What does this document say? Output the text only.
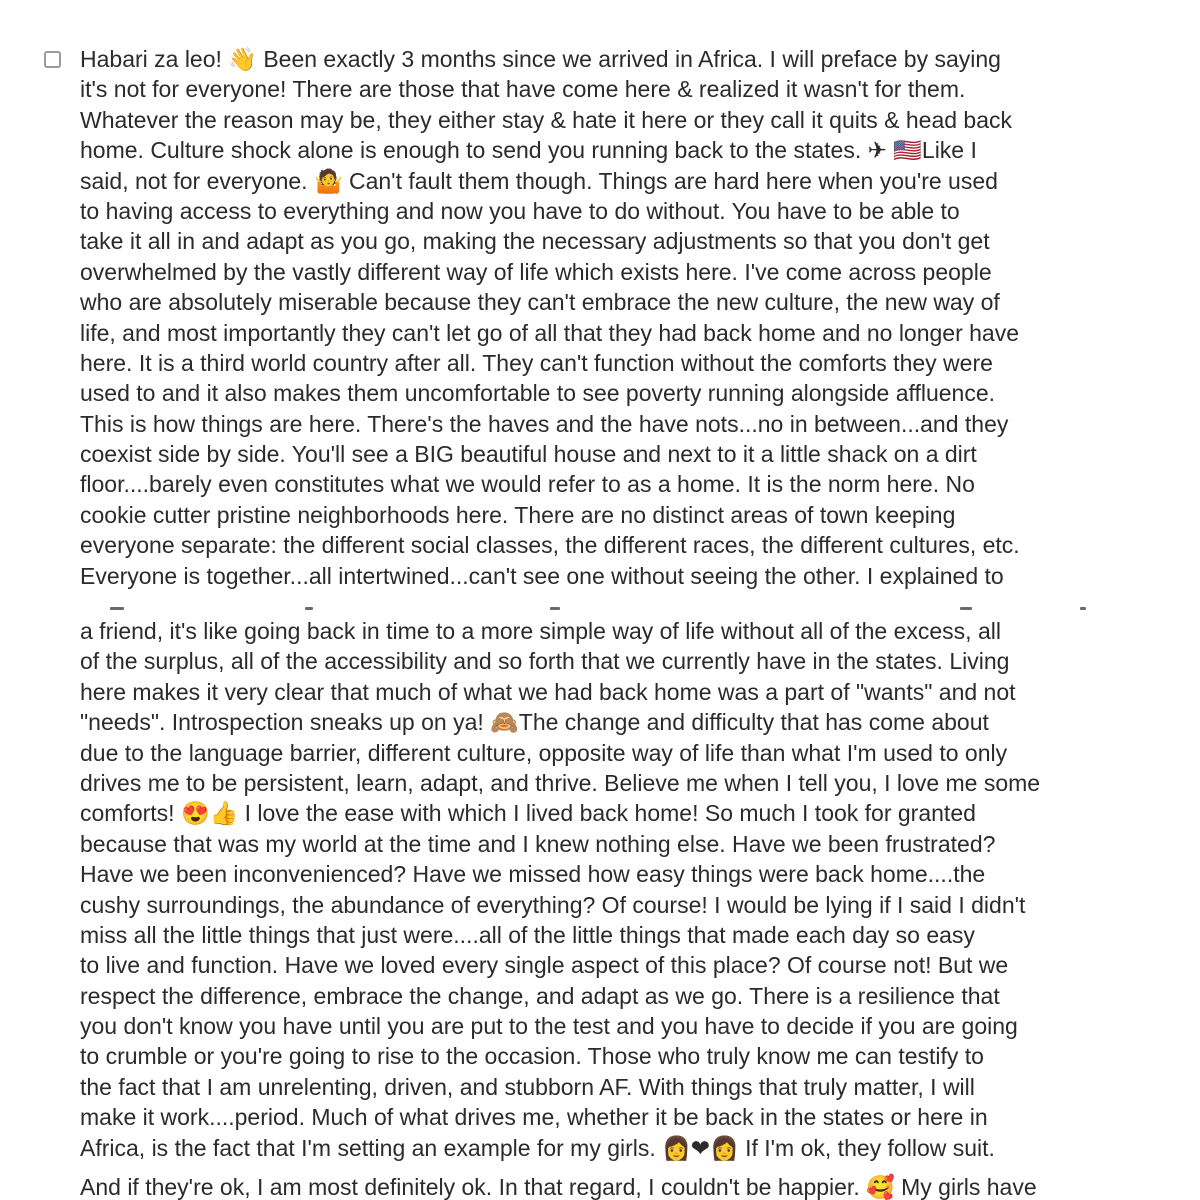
Habari za leo! 👋 Been exactly 3 months since we arrived in Africa. I will preface by saying
it's not for everyone! There are those that have come here & realized it wasn't for them.
Whatever the reason may be, they either stay & hate it here or they call it quits & head back
home. Culture shock alone is enough to send you running back to the states. ✈ 🇺🇸Like I
said, not for everyone. 🤷 Can't fault them though. Things are hard here when you're used
to having access to everything and now you have to do without. You have to be able to
take it all in and adapt as you go, making the necessary adjustments so that you don't get
overwhelmed by the vastly different way of life which exists here. I've come across people
who are absolutely miserable because they can't embrace the new culture, the new way of
life, and most importantly they can't let go of all that they had back home and no longer have
here. It is a third world country after all. They can't function without the comforts they were
used to and it also makes them uncomfortable to see poverty running alongside affluence.
This is how things are here. There's the haves and the have nots...no in between...and they
coexist side by side. You'll see a BIG beautiful house and next to it a little shack on a dirt
floor....barely even constitutes what we would refer to as a home. It is the norm here. No
cookie cutter pristine neighborhoods here. There are no distinct areas of town keeping
everyone separate: the different social classes, the different races, the different cultures, etc.
Everyone is together...all intertwined...can't see one without seeing the other. I explained to
a friend, it's like going back in time to a more simple way of life without all of the excess, all
of the surplus, all of the accessibility and so forth that we currently have in the states. Living
here makes it very clear that much of what we had back home was a part of "wants" and not
"needs". Introspection sneaks up on ya! 🙈The change and difficulty that has come about
due to the language barrier, different culture, opposite way of life than what I'm used to only
drives me to be persistent, learn, adapt, and thrive. Believe me when I tell you, I love me some
comforts! 😍👍 I love the ease with which I lived back home! So much I took for granted
because that was my world at the time and I knew nothing else. Have we been frustrated?
Have we been inconvenienced? Have we missed how easy things were back home....the
cushy surroundings, the abundance of everything? Of course! I would be lying if I said I didn't
miss all the little things that just were....all of the little things that made each day so easy
to live and function. Have we loved every single aspect of this place? Of course not! But we
respect the difference, embrace the change, and adapt as we go. There is a resilience that
you don't know you have until you are put to the test and you have to decide if you are going
to crumble or you're going to rise to the occasion. Those who truly know me can testify to
the fact that I am unrelenting, driven, and stubborn AF. With things that truly matter, I will
make it work....period. Much of what drives me, whether it be back in the states or here in
Africa, is the fact that I'm setting an example for my girls. 👩❤👩 If I'm ok, they follow suit.
And if they're ok, I am most definitely ok. In that regard, I couldn't be happier. 🥰 My girls have
